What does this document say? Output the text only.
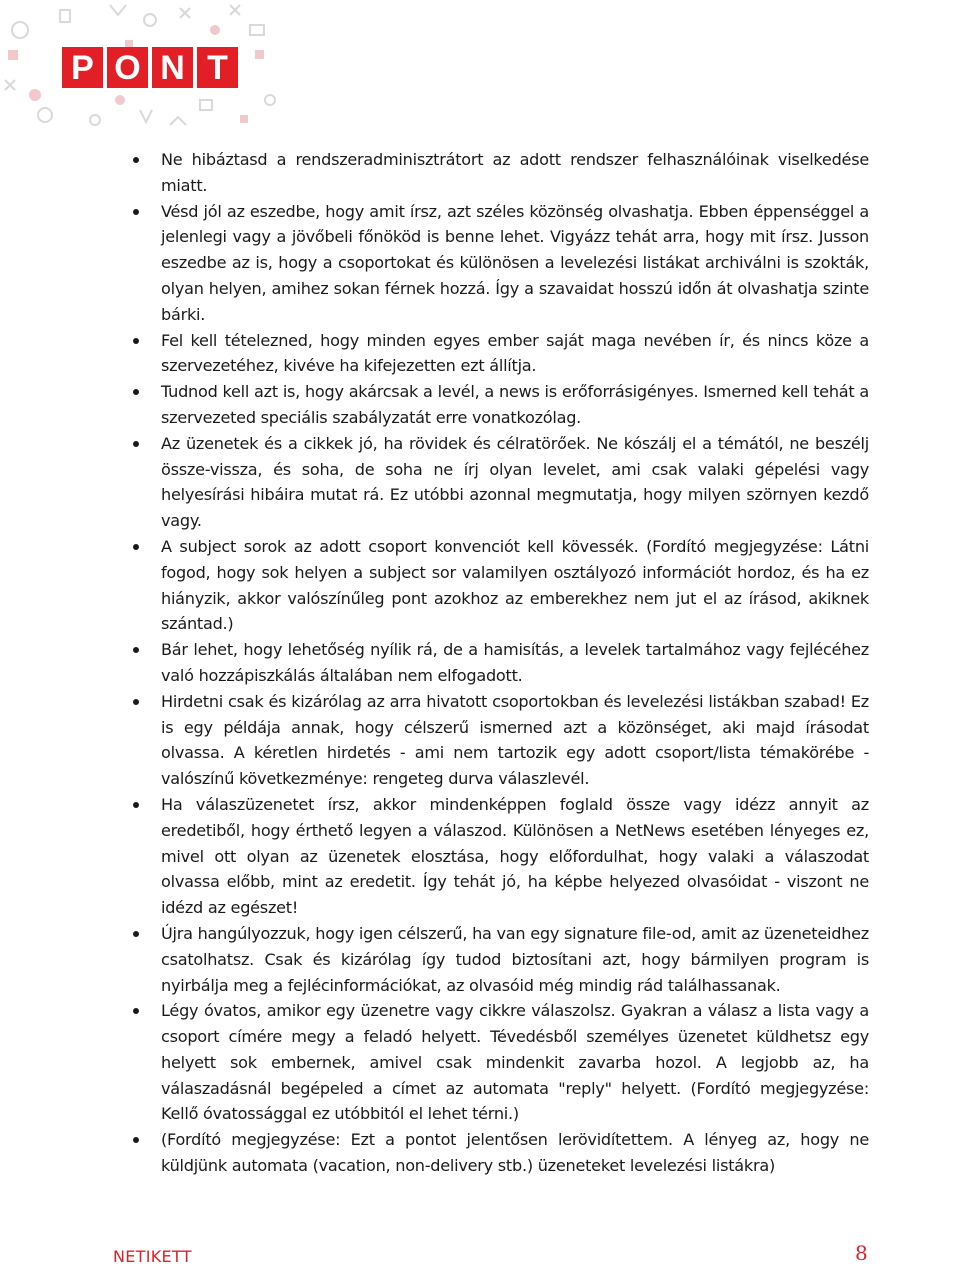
P O N T
Ne hibáztasd a rendszeradminisztrátort az adott rendszer felhasználóinak viselkedése miatt.
Vésd jól az eszedbe, hogy amit írsz, azt széles közönség olvashatja. Ebben éppenséggel a jelenlegi vagy a jövőbeli főnököd is benne lehet. Vigyázz tehát arra, hogy mit írsz. Jusson eszedbe az is, hogy a csoportokat és különösen a levelezési listákat archiválni is szokták, olyan helyen, amihez sokan férnek hozzá. Így a szavaidat hosszú időn át olvashatja szinte bárki.
Fel kell tételezned, hogy minden egyes ember saját maga nevében ír, és nincs köze a szervezetéhez, kivéve ha kifejezetten ezt állítja.
Tudnod kell azt is, hogy akárcsak a levél, a news is erőforrásigényes. Ismerned kell tehát a szervezeted speciális szabályzatát erre vonatkozólag.
Az üzenetek és a cikkek jó, ha rövidek és célratörőek. Ne kószálj el a témától, ne beszélj össze-vissza, és soha, de soha ne írj olyan levelet, ami csak valaki gépelési vagy helyesírási hibáira mutat rá. Ez utóbbi azonnal megmutatja, hogy milyen szörnyen kezdő vagy.
A subject sorok az adott csoport konvenciót kell kövessék. (Fordító megjegyzése: Látni fogod, hogy sok helyen a subject sor valamilyen osztályozó információt hordoz, és ha ez hiányzik, akkor valószínűleg pont azokhoz az emberekhez nem jut el az írásod, akiknek szántad.)
Bár lehet, hogy lehetőség nyílik rá, de a hamisítás, a levelek tartalmához vagy fejlécéhez való hozzápiszkálás általában nem elfogadott.
Hirdetni csak és kizárólag az arra hivatott csoportokban és levelezési listákban szabad! Ez is egy példája annak, hogy célszerű ismerned azt a közönséget, aki majd írásodat olvassa. A kéretlen hirdetés - ami nem tartozik egy adott csoport/lista témakörébe - valószínű következménye: rengeteg durva válaszlevél.
Ha válaszüzenetet írsz, akkor mindenképpen foglald össze vagy idézz annyit az eredetiből, hogy érthető legyen a válaszod. Különösen a NetNews esetében lényeges ez, mivel ott olyan az üzenetek elosztása, hogy előfordulhat, hogy valaki a válaszodat olvassa előbb, mint az eredetit. Így tehát jó, ha képbe helyezed olvasóidat - viszont ne idézd az egészet!
Újra hangúlyozzuk, hogy igen célszerű, ha van egy signature file-od, amit az üzeneteidhez csatolhatsz. Csak és kizárólag így tudod biztosítani azt, hogy bármilyen program is nyirbálja meg a fejlécinformációkat, az olvasóid még mindig rád találhassanak.
Légy óvatos, amikor egy üzenetre vagy cikkre válaszolsz. Gyakran a válasz a lista vagy a csoport címére megy a feladó helyett. Tévedésből személyes üzenetet küldhetsz egy helyett sok embernek, amivel csak mindenkit zavarba hozol. A legjobb az, ha válaszadásnál begépeled a címet az automata "reply" helyett. (Fordító megjegyzése: Kellő óvatossággal ez utóbbitól el lehet térni.)
(Fordító megjegyzése: Ezt a pontot jelentősen lerövidítettem. A lényeg az, hogy ne küldjünk automata (vacation, non-delivery stb.) üzeneteket levelezési listákra)
NETIKETT	8
